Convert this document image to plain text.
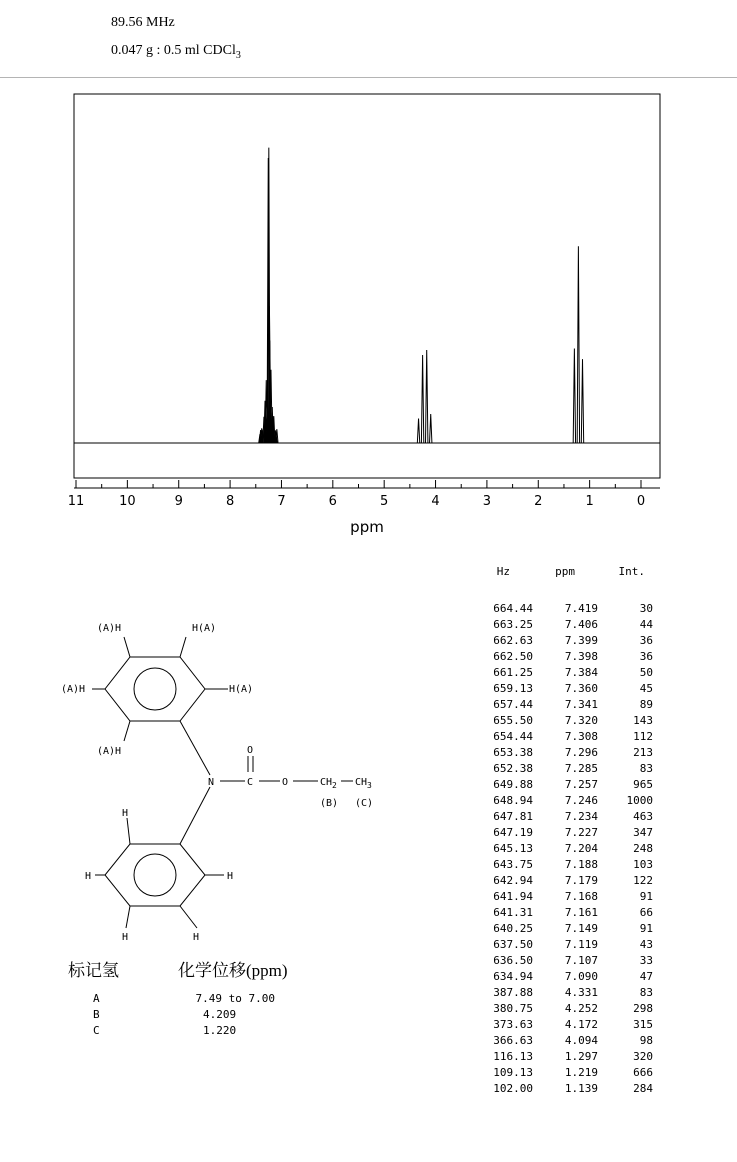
89.56 MHz
0.047 g : 0.5 ml CDCl$_3$
11	10	9	8	7	6	5	4	3	2	1	0
ppm
(A)H	H(A)
(A)H	H(A)
(A)H
N	C
O
O	$CH_2$ $CH_3$
(B) (C)
H
H	H
H	H
标记氢	化学位移(ppm)
A	7.49 to 7.00
B	4.209
C	1.220
Hz	ppm	Int.
664.44	7.419	30
663.25	7.406	44
662.63	7.399	36
662.50	7.398	36
661.25	7.384	50
659.13	7.360	45
657.44	7.341	89
655.50	7.320	143
654.44	7.308	112
653.38	7.296	213
652.38	7.285	83
649.88	7.257	965
648.94	7.246	1000
647.81	7.234	463
647.19	7.227	347
645.13	7.204	248
643.75	7.188	103
642.94	7.179	122
641.94	7.168	91
641.31	7.161	66
640.25	7.149	91
637.50	7.119	43
636.50	7.107	33
634.94	7.090	47
387.88	4.331	83
380.75	4.252	298
373.63	4.172	315
366.63	4.094	98
116.13	1.297	320
109.13	1.219	666
102.00	1.139	284
